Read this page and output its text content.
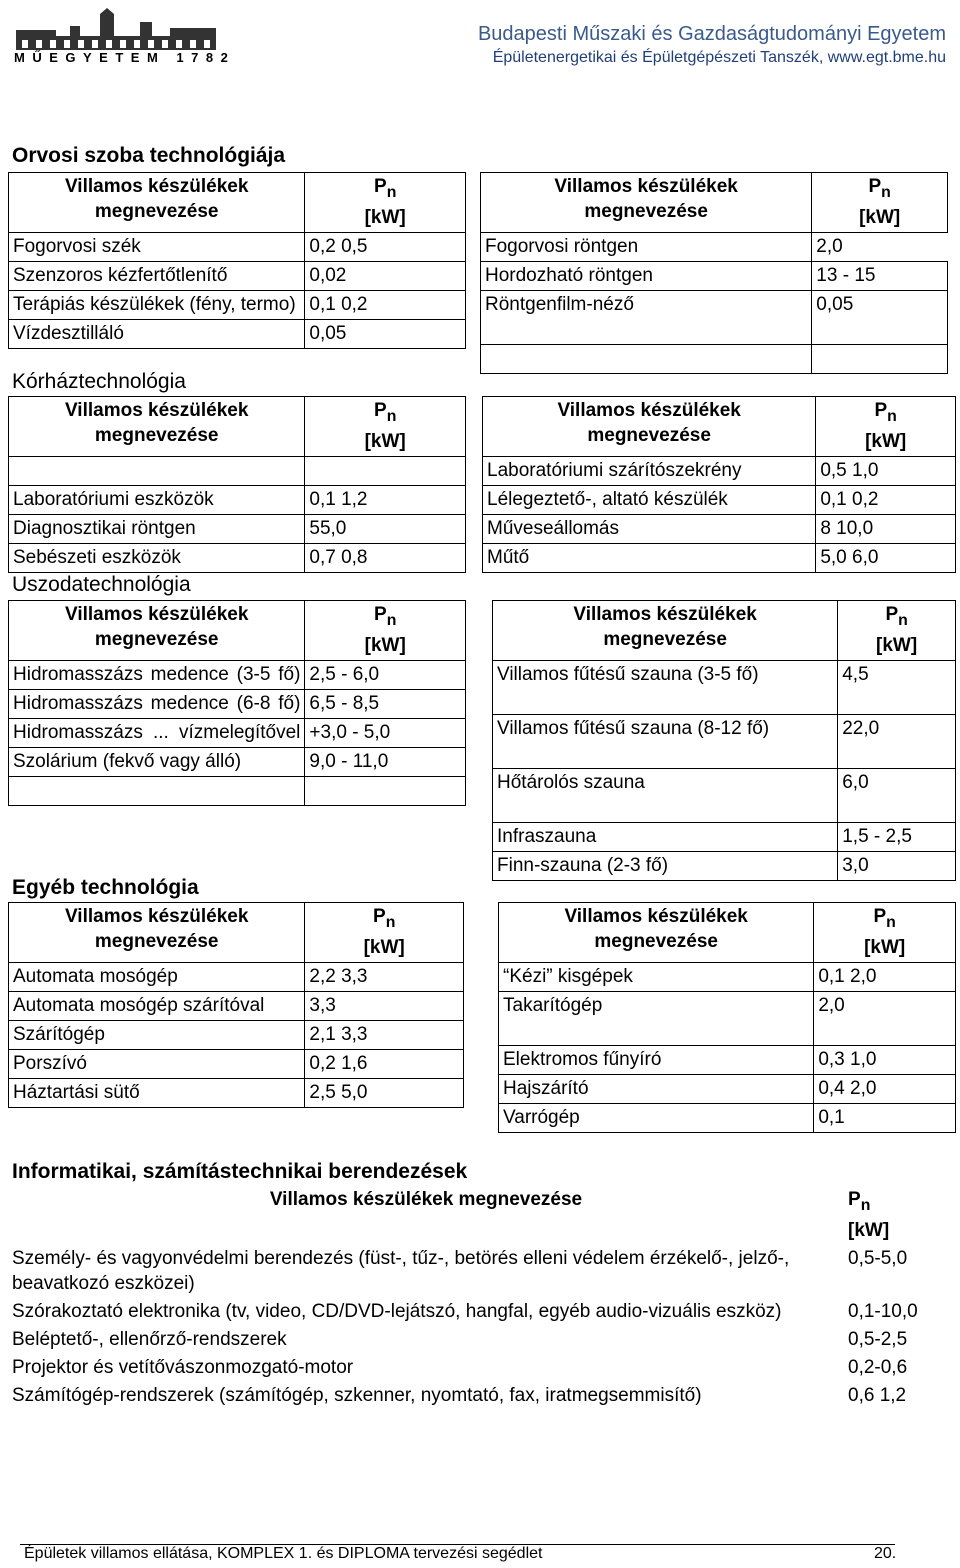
MŰEGYETEM 1782
Budapesti Műszaki és Gazdaságtudományi Egyetem
Épületenergetikai és Épületgépészeti Tanszék, www.egt.bme.hu
Orvosi szoba technológiája
Villamos készülékek
megnevezése	$P_n$
[kW]
Fogorvosi szék	0,2 0,5
Szenzoros kézfertőtlenítő	0,02
Terápiás készülékek (fény, termo)	0,1 0,2
Vízdesztilláló	0,05
Villamos készülékek
megnevezése	$P_n$
[kW]
Fogorvosi röntgen	2,0
Hordozható röntgen	13 - 15
Röntgenfilm-néző	0,05

Kórháztechnológia
Villamos készülékek
megnevezése	$P_n$
[kW]

Laboratóriumi eszközök	0,1 1,2
Diagnosztikai röntgen	55,0
Sebészeti eszközök	0,7 0,8
Villamos készülékek
megnevezése	$P_n$
[kW]
Laboratóriumi szárítószekrény	0,5 1,0
Lélegeztető-, altató készülék	0,1 0,2
Műveseállomás	8 10,0
Műtő	5,0 6,0
Uszodatechnológia
Villamos készülékek
megnevezése	$P_n$
[kW]
Hidromasszázs medence (3-5 fő)	2,5 - 6,0
Hidromasszázs medence (6-8 fő)	6,5 - 8,5
Hidromasszázs ... vízmelegítővel	+3,0 - 5,0
Szolárium (fekvő vagy álló)	9,0 - 11,0

Villamos készülékek
megnevezése	$P_n$
[kW]
Villamos fűtésű szauna (3-5 fő)	4,5
Villamos fűtésű szauna (8-12 fő)	22,0
Hőtárolós szauna	6,0
Infraszauna	1,5 - 2,5
Finn-szauna (2-3 fő)	3,0
Egyéb technológia
Villamos készülékek
megnevezése	$P_n$
[kW]
Automata mosógép	2,2 3,3
Automata mosógép szárítóval	3,3
Szárítógép	2,1 3,3
Porszívó	0,2 1,6
Háztartási sütő	2,5 5,0
Villamos készülékek
megnevezése	$P_n$
[kW]
“Kézi” kisgépek	0,1 2,0
Takarítógép	2,0
Elektromos fűnyíró	0,3 1,0
Hajszárító	0,4 2,0
Varrógép	0,1
Informatikai, számítástechnikai berendezések
Villamos készülékek megnevezése	$P_n$
[kW]
Személy- és vagyonvédelmi berendezés (füst-, tűz-, betörés elleni védelem érzékelő-, jelző-, beavatkozó eszközei)	0,5-5,0
Szórakoztató elektronika (tv, video, CD/DVD-lejátszó, hangfal, egyéb audio-vizuális eszköz)	0,1-10,0
Beléptető-, ellenőrző-rendszerek	0,5-2,5
Projektor és vetítővászonmozgató-motor	0,2-0,6
Számítógép-rendszerek (számítógép, szkenner, nyomtató, fax, iratmegsemmisítő)	0,6 1,2
Épületek villamos ellátása, KOMPLEX 1. és DIPLOMA tervezési segédlet	20.
